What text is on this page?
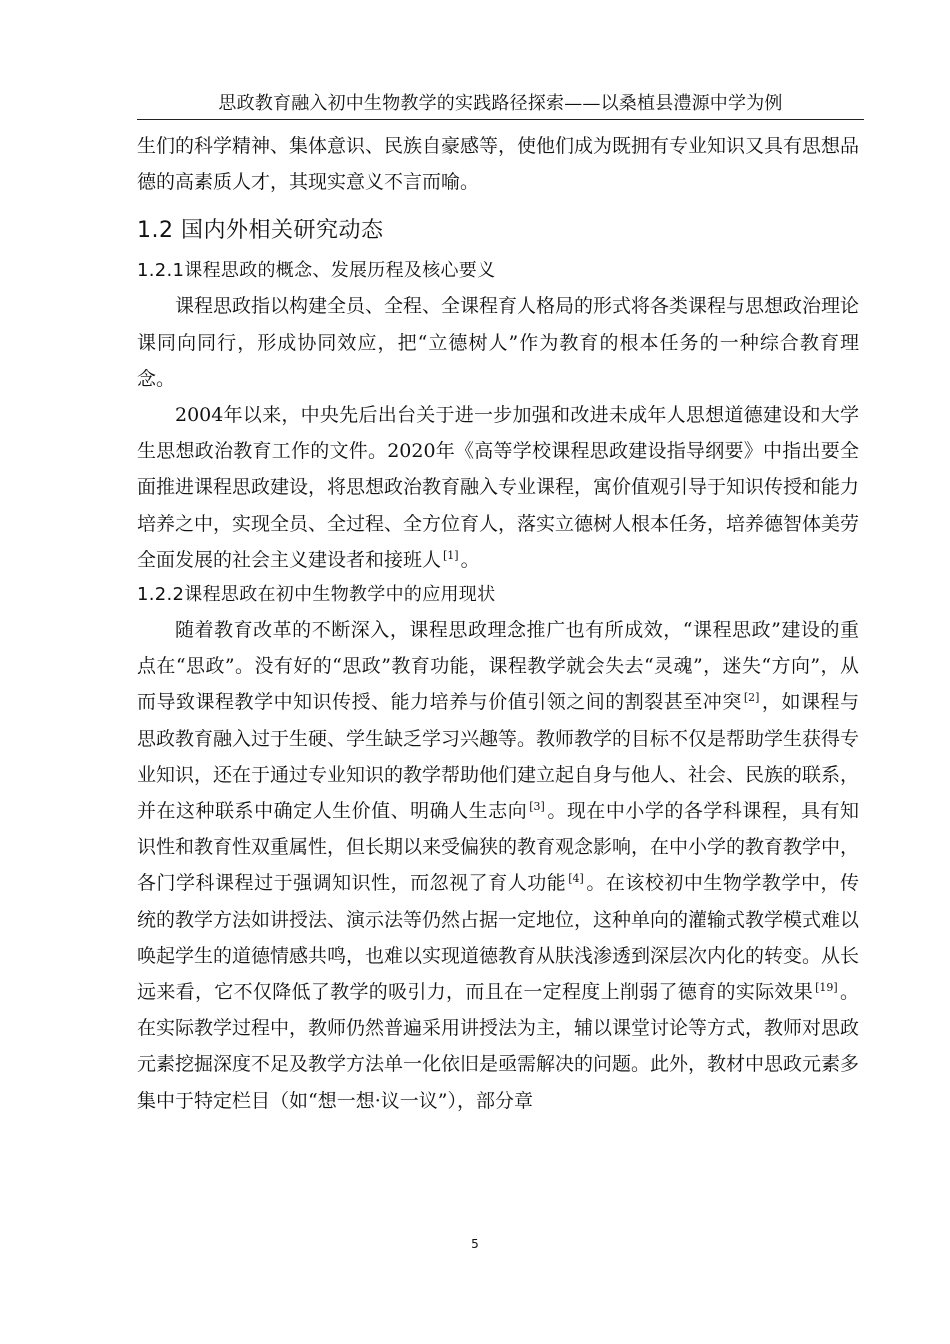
思政教育融入初中生物教学的实践路径探索——以桑植县澧源中学为例

生们的科学精神、集体意识、民族自豪感等，使他们成为既拥有专业知识又具有思想品德的高素质人才，其现实意义不言而喻。

1.2 国内外相关研究动态
1.2.1课程思政的概念、发展历程及核心要义

课程思政指以构建全员、全程、全课程育人格局的形式将各类课程与思想政治理论课同向同行，形成协同效应，把“立德树人”作为教育的根本任务的一种综合教育理念。

2004年以来，中央先后出台关于进一步加强和改进未成年人思想道德建设和大学生思想政治教育工作的文件。2020年《高等学校课程思政建设指导纲要》中指出要全面推进课程思政建设，将思想政治教育融入专业课程，寓价值观引导于知识传授和能力培养之中，实现全员、全过程、全方位育人，落实立德树人根本任务，培养德智体美劳全面发展的社会主义建设者和接班人 [1] 。

1.2.2课程思政在初中生物教学中的应用现状

随着教育改革的不断深入，课程思政理念推广也有所成效，“课程思政”建设的重点在“思政”。没有好的“思政”教育功能，课程教学就会失去“灵魂”，迷失“方向”，从而导致课程教学中知识传授、能力培养与价值引领之间的割裂甚至冲突 [2] ，如课程与思政教育融入过于生硬、学生缺乏学习兴趣等。教师教学的目标不仅是帮助学生获得专业知识，还在于通过专业知识的教学帮助他们建立起自身与他人、社会、民族的联系，并在这种联系中确定人生价值、明确人生志向 [3] 。现在中小学的各学科课程，具有知识性和教育性双重属性，但长期以来受偏狭的教育观念影响，在中小学的教育教学中，各门学科课程过于强调知识性，而忽视了育人功能 [4] 。在该校初中生物学教学中，传统的教学方法如讲授法、演示法等仍然占据一定地位，这种单向的灌输式教学模式难以唤起学生的道德情感共鸣，也难以实现道德教育从肤浅渗透到深层次内化的转变。从长远来看，它不仅降低了教学的吸引力，而且在一定程度上削弱了德育的实际效果 [19] 。在实际教学过程中，教师仍然普遍采用讲授法为主，辅以课堂讨论等方式，教师对思政元素挖掘深度不足及教学方法单一化依旧是亟需解决的问题。此外，教材中思政元素多集中于特定栏目（如“想一想·议一议”），部分章

5
